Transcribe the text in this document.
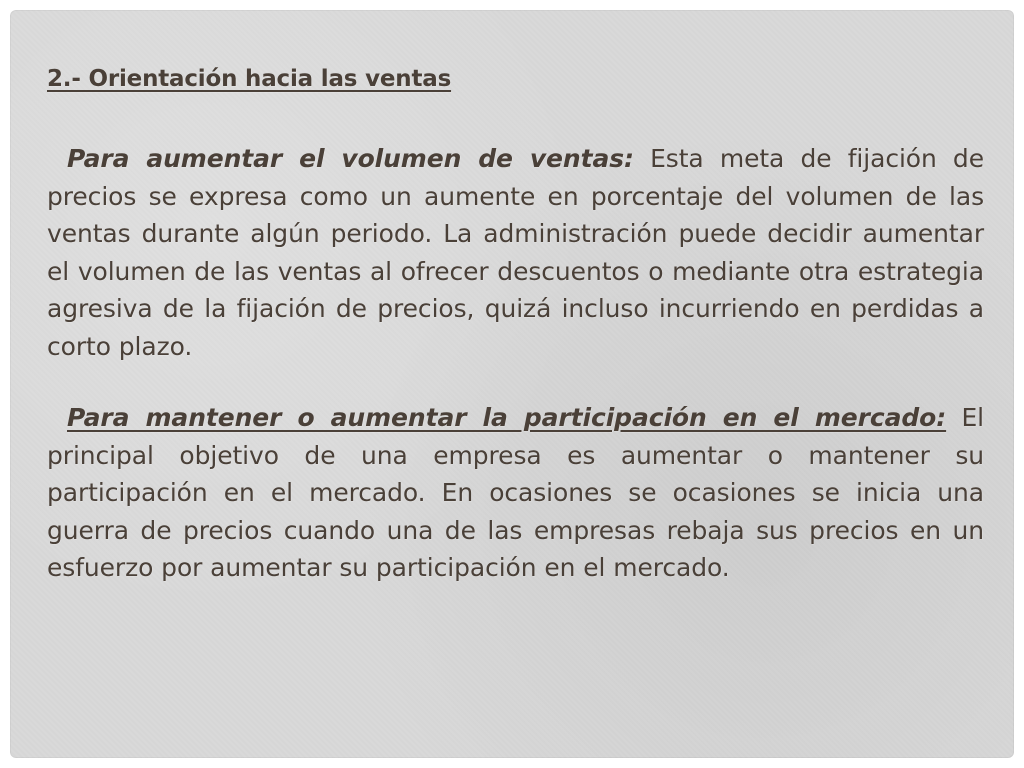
2.- Orientación hacia las ventas

Para aumentar el volumen de ventas: Esta meta de fijación de precios se expresa como un aumente en porcentaje del volumen de las ventas durante algún periodo. La administración puede decidir aumentar el volumen de las ventas al ofrecer descuentos o mediante otra estrategia agresiva de la fijación de precios, quizá incluso incurriendo en perdidas a corto plazo.

Para mantener o aumentar la participación en el mercado: El principal objetivo de una empresa es aumentar o mantener su participación en el mercado. En ocasiones se ocasiones se inicia una guerra de precios cuando una de las empresas rebaja sus precios en un esfuerzo por aumentar su participación en el mercado.
